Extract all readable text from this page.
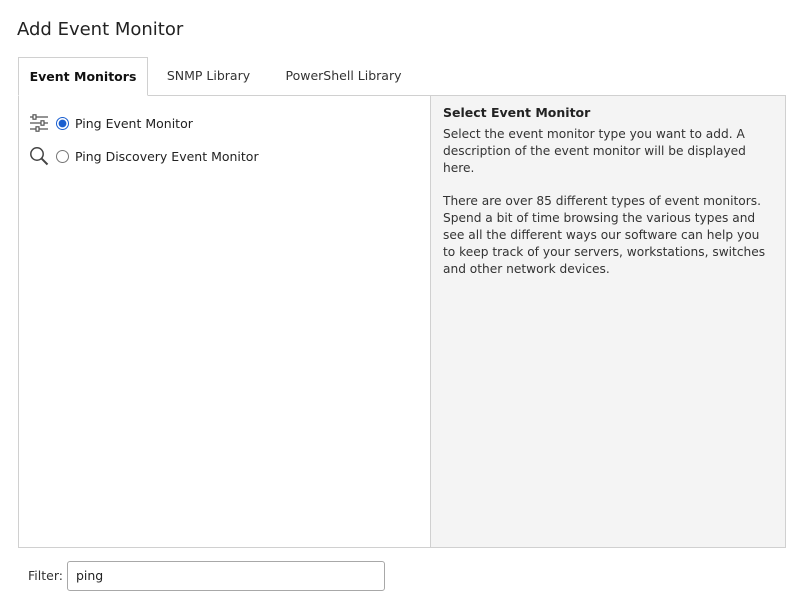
Add Event Monitor
Event Monitors	SNMP Library	PowerShell Library
Ping Event Monitor
Ping Discovery Event Monitor
Select Event Monitor

Select the event monitor type you want to add. A description of the event monitor will be displayed here.

There are over 85 different types of event monitors. Spend a bit of time browsing the various types and see all the different ways our software can help you to keep track of your servers, workstations, switches and other network devices.

Filter:
ping
